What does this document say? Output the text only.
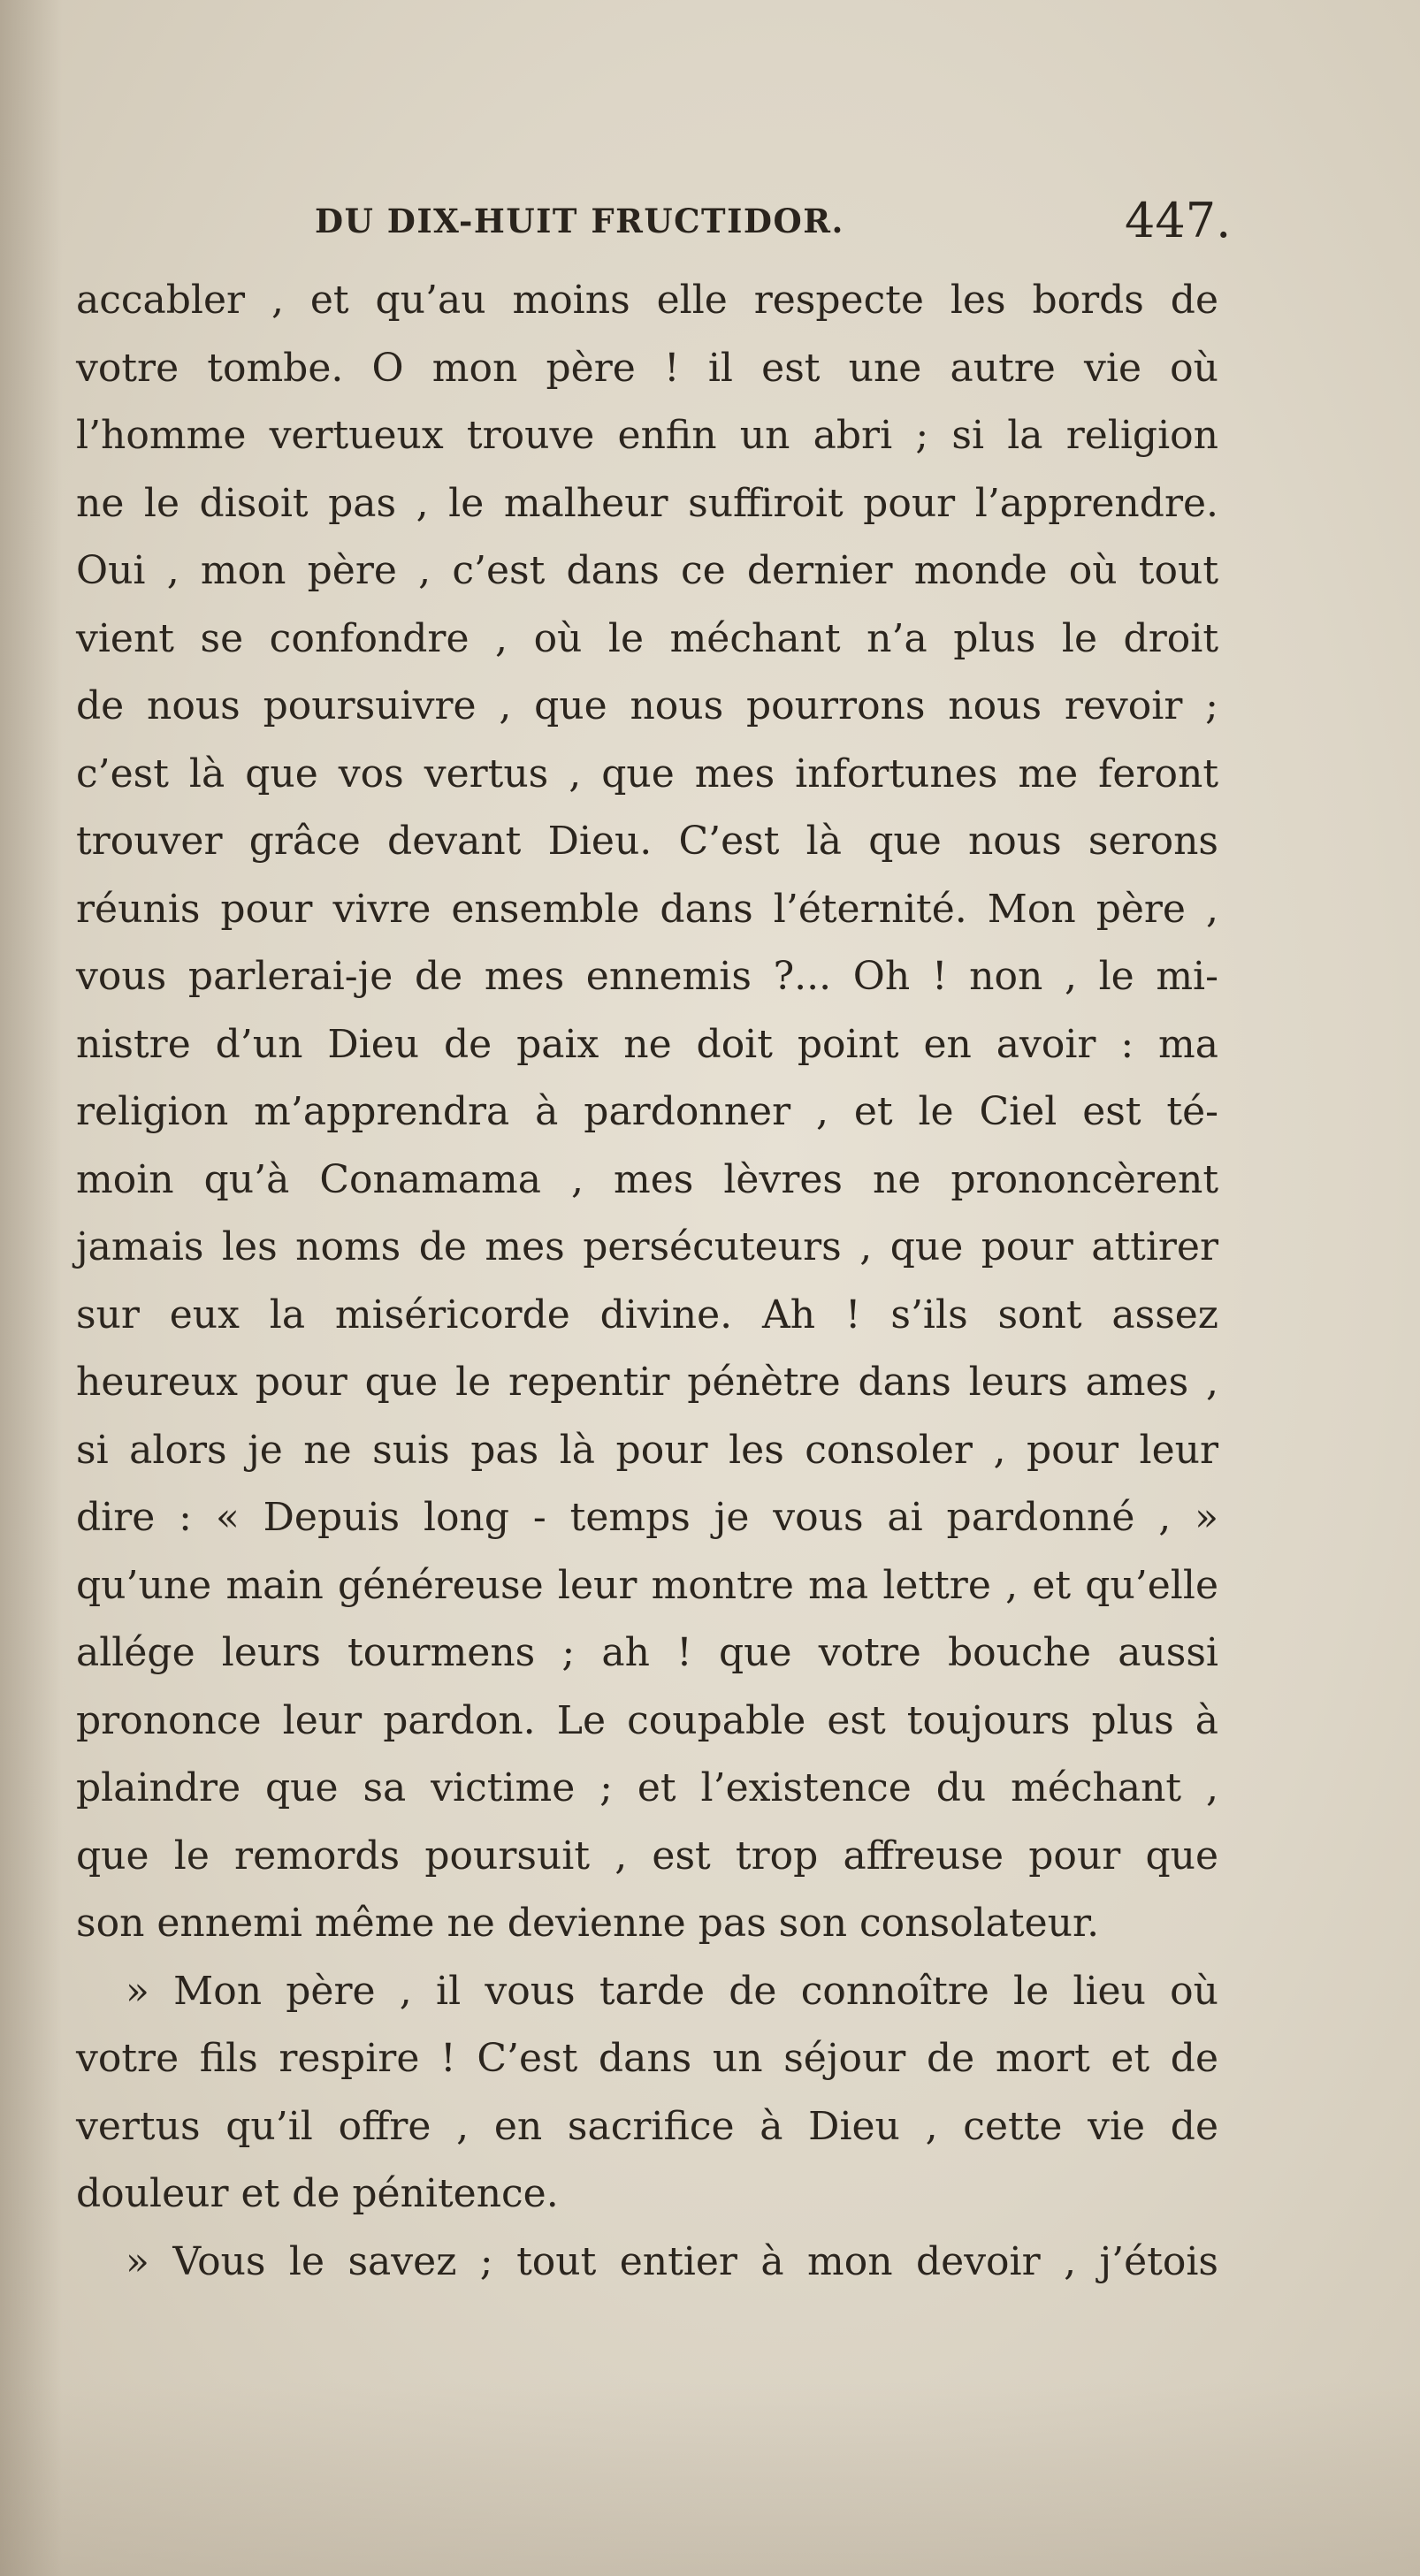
DU DIX-HUIT FRUCTIDOR.	447.
accabler , et qu’au moins elle respecte les bords de
votre tombe. O mon père ! il est une autre vie où
l’homme vertueux trouve enfin un abri ; si la religion
ne le disoit pas , le malheur suffiroit pour l’apprendre.
Oui , mon père , c’est dans ce dernier monde où tout
vient se confondre , où le méchant n’a plus le droit
de nous poursuivre , que nous pourrons nous revoir ;
c’est là que vos vertus , que mes infortunes me feront
trouver grâce devant Dieu. C’est là que nous serons
réunis pour vivre ensemble dans l’éternité. Mon père ,
vous parlerai-je de mes ennemis ?... Oh ! non , le mi-
nistre d’un Dieu de paix ne doit point en avoir : ma
religion m’apprendra à pardonner , et le Ciel est té-
moin qu’à Conamama , mes lèvres ne prononcèrent
jamais les noms de mes persécuteurs , que pour attirer
sur eux la miséricorde divine. Ah ! s’ils sont assez
heureux pour que le repentir pénètre dans leurs ames ,
si alors je ne suis pas là pour les consoler , pour leur
dire : « Depuis long - temps je vous ai pardonné , »
qu’une main généreuse leur montre ma lettre , et qu’elle
allége leurs tourmens ; ah ! que votre bouche aussi
prononce leur pardon. Le coupable est toujours plus à
plaindre que sa victime ; et l’existence du méchant ,
que le remords poursuit , est trop affreuse pour que
son ennemi même ne devienne pas son consolateur.
» Mon père , il vous tarde de connoître le lieu où
votre fils respire ! C’est dans un séjour de mort et de
vertus qu’il offre , en sacrifice à Dieu , cette vie de
douleur et de pénitence.
» Vous le savez ; tout entier à mon devoir , j’étois
